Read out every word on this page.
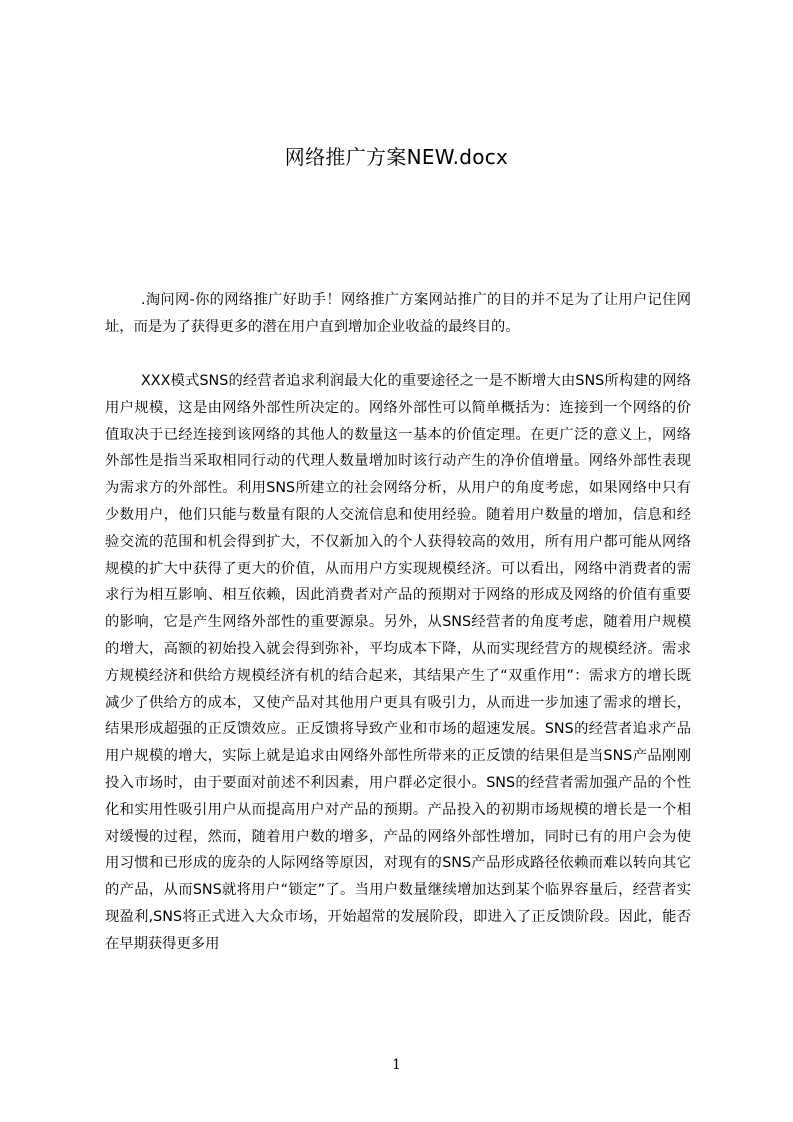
网络推广方案NEW.docx

.淘问网-你的网络推广好助手！网络推广方案网站推广的目的并不足为了让用户记住网址，而是为了获得更多的潜在用户直到增加企业收益的最终目的。

XXX模式SNS的经营者追求利润最大化的重要途径之一是不断增大由SNS所构建的网络用户规模，这是由网络外部性所决定的。网络外部性可以简单概括为：连接到一个网络的价值取决于已经连接到该网络的其他人的数量这一基本的价值定理。在更广泛的意义上，网络外部性是指当采取相同行动的代理人数量增加时该行动产生的净价值增量。网络外部性表现为需求方的外部性。利用SNS所建立的社会网络分析，从用户的角度考虑，如果网络中只有少数用户，他们只能与数量有限的人交流信息和使用经验。随着用户数量的增加，信息和经验交流的范围和机会得到扩大，不仅新加入的个人获得较高的效用，所有用户都可能从网络规模的扩大中获得了更大的价值，从而用户方实现规模经济。可以看出，网络中消费者的需求行为相互影响、相互依赖，因此消费者对产品的预期对于网络的形成及网络的价值有重要的影响，它是产生网络外部性的重要源泉。另外，从SNS经营者的角度考虑，随着用户规模的增大，高额的初始投入就会得到弥补，平均成本下降，从而实现经营方的规模经济。需求方规模经济和供给方规模经济有机的结合起来，其结果产生了“双重作用”：需求方的增长既减少了供给方的成本，又使产品对其他用户更具有吸引力，从而进一步加速了需求的增长，结果形成超强的正反馈效应。正反馈将导致产业和市场的超速发展。SNS的经营者追求产品用户规模的增大，实际上就是追求由网络外部性所带来的正反馈的结果但是当SNS产品刚刚投入市场时，由于要面对前述不利因素，用户群必定很小。SNS的经营者需加强产品的个性化和实用性吸引用户从而提高用户对产品的预期。产品投入的初期市场规模的增长是一个相对缓慢的过程，然而，随着用户数的增多，产品的网络外部性增加，同时已有的用户会为使用习惯和已形成的庞杂的人际网络等原因，对现有的SNS产品形成路径依赖而难以转向其它的产品，从而SNS就将用户“锁定”了。当用户数量继续增加达到某个临界容量后，经营者实现盈利,SNS将正式进入大众市场，开始超常的发展阶段，即进入了正反馈阶段。因此，能否在早期获得更多用

1
